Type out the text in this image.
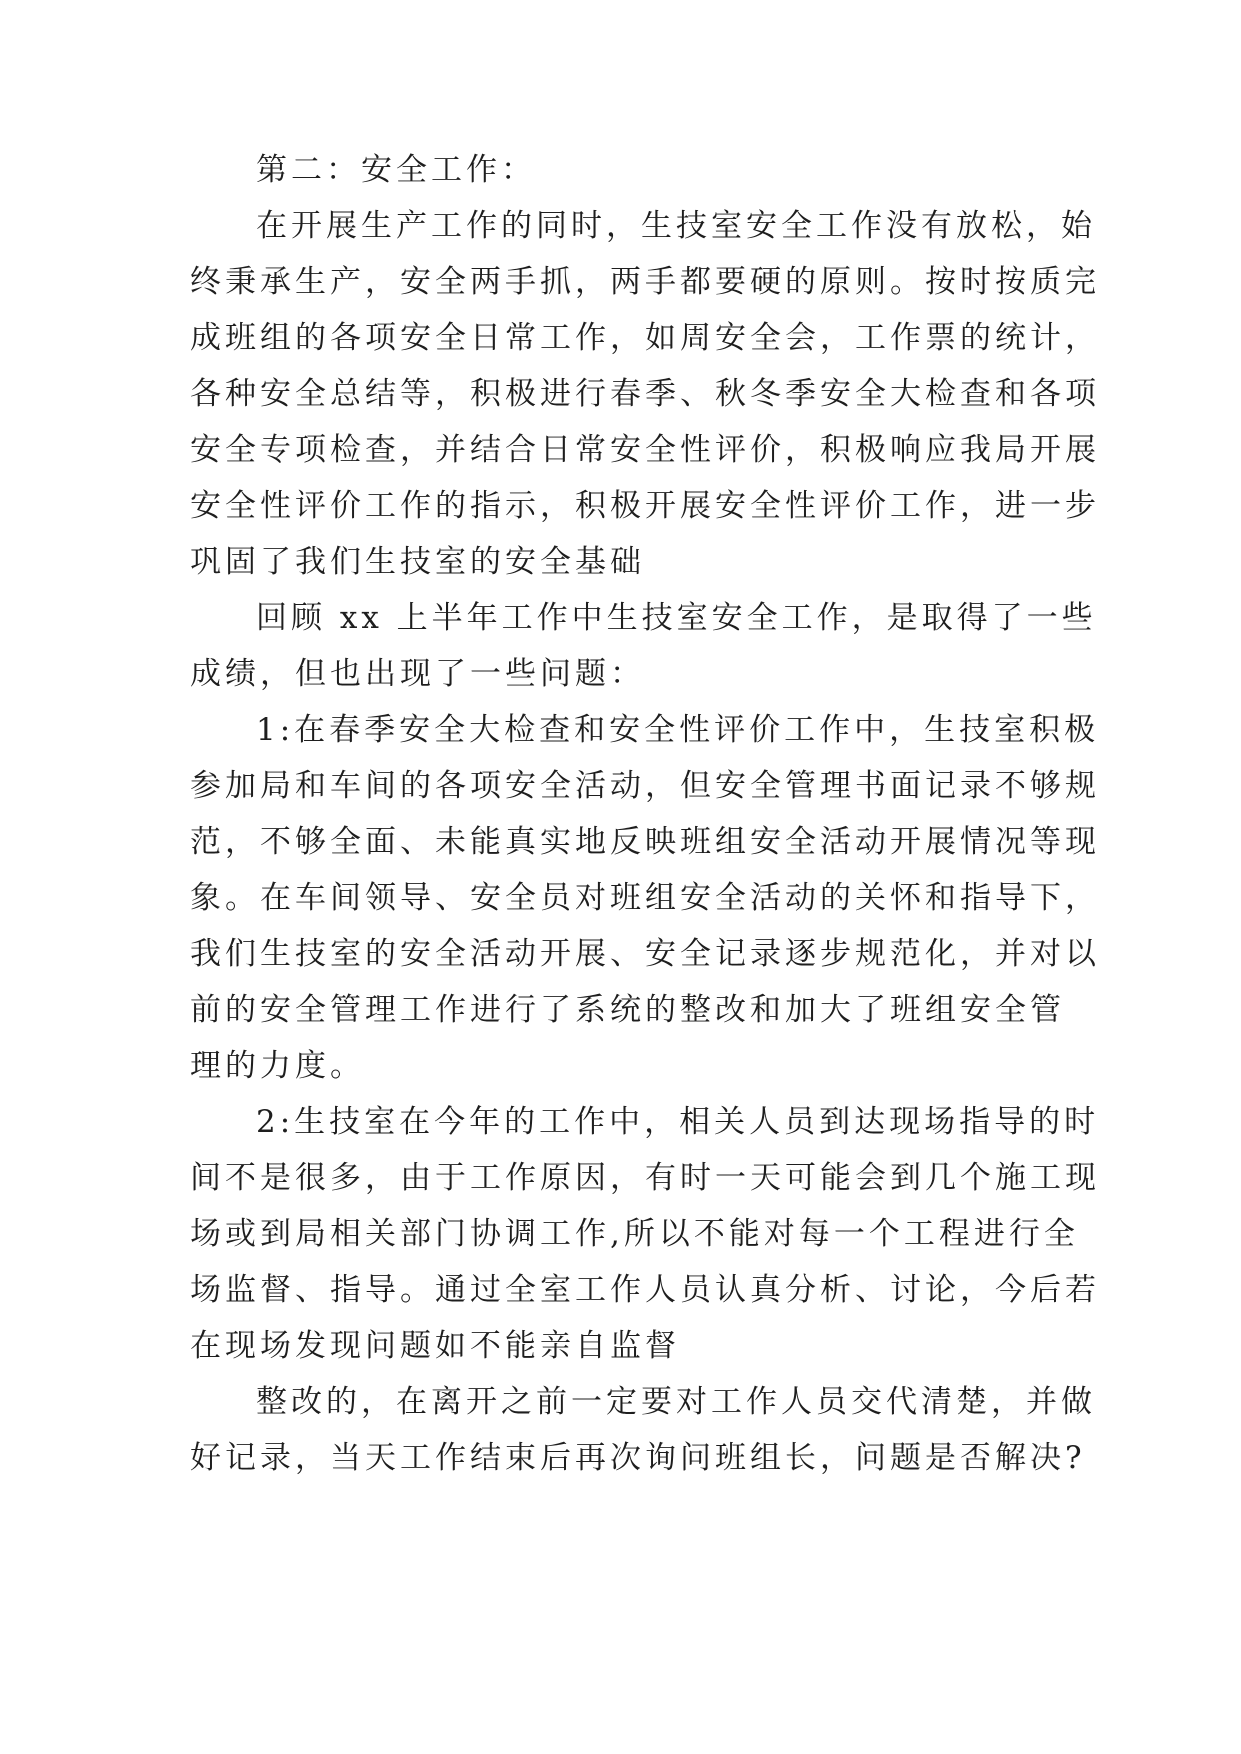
第二：安全工作：
在开展生产工作的同时，生技室安全工作没有放松，始
终秉承生产，安全两手抓，两手都要硬的原则。按时按质完
成班组的各项安全日常工作，如周安全会，工作票的统计，
各种安全总结等，积极进行春季、秋冬季安全大检查和各项
安全专项检查，并结合日常安全性评价，积极响应我局开展
安全性评价工作的指示，积极开展安全性评价工作，进一步
巩固了我们生技室的安全基础
回顾 xx 上半年工作中生技室安全工作，是取得了一些
成绩，但也出现了一些问题：
1:在春季安全大检查和安全性评价工作中，生技室积极
参加局和车间的各项安全活动，但安全管理书面记录不够规
范，不够全面、未能真实地反映班组安全活动开展情况等现
象。在车间领导、安全员对班组安全活动的关怀和指导下，
我们生技室的安全活动开展、安全记录逐步规范化，并对以
前的安全管理工作进行了系统的整改和加大了班组安全管
理的力度。
2:生技室在今年的工作中，相关人员到达现场指导的时
间不是很多，由于工作原因，有时一天可能会到几个施工现
场或到局相关部门协调工作,所以不能对每一个工程进行全
场监督、指导。通过全室工作人员认真分析、讨论，今后若
在现场发现问题如不能亲自监督
整改的，在离开之前一定要对工作人员交代清楚，并做
好记录，当天工作结束后再次询问班组长，问题是否解决?
